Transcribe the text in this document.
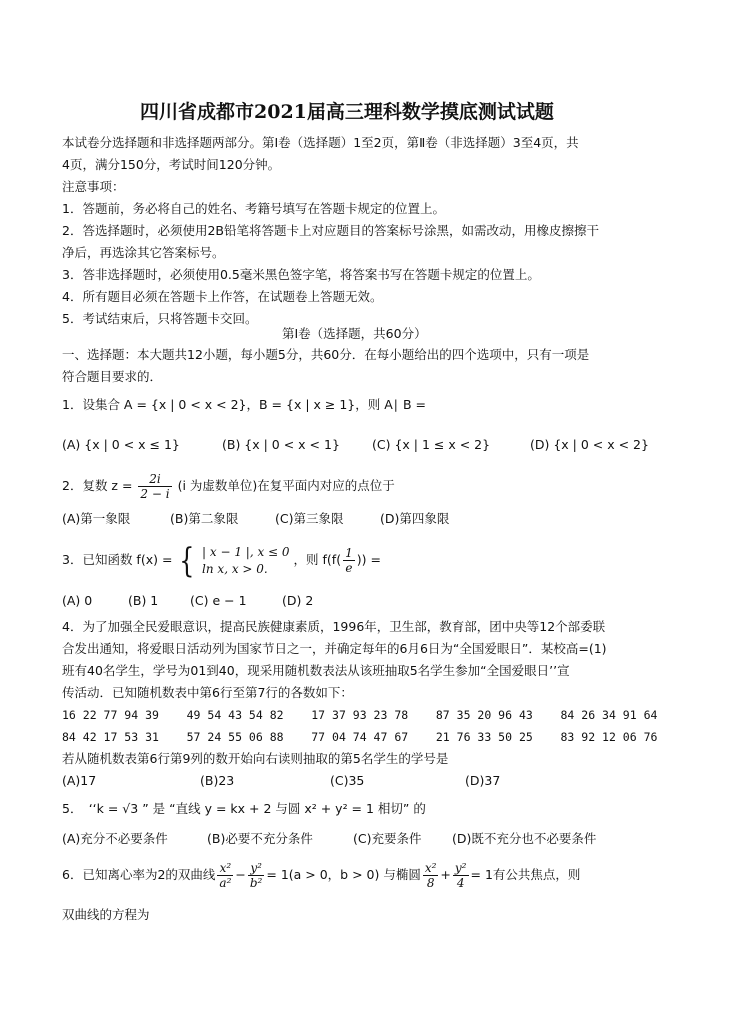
四川省成都市2021届高三理科数学摸底测试试题
本试卷分选择题和非选择题两部分。第Ⅰ卷（选择题）1至2页，第Ⅱ卷（非选择题）3至4页，共
4页，满分150分，考试时间120分钟。
注意事项：
1．答题前，务必将自己的姓名、考籍号填写在答题卡规定的位置上。
2．答选择题时，必须使用2B铅笔将答题卡上对应题目的答案标号涂黑，如需改动，用橡皮擦擦干
净后，再选涂其它答案标号。
3．答非选择题时，必须使用0.5毫米黑色签字笔，将答案书写在答题卡规定的位置上。
4．所有题目必须在答题卡上作答，在试题卷上答题无效。
5．考试结束后，只将答题卡交回。
第Ⅰ卷（选择题，共60分）
一、选择题：本大题共12小题，每小题5分，共60分．在每小题给出的四个选项中，只有一项是
符合题目要求的．
1．设集合 A = {x | 0 < x < 2}，B = {x | x ≥ 1}，则 A∣ B =
(A) {x | 0 < x ≤ 1}	(B) {x | 0 < x < 1}	(C) {x | 1 ≤ x < 2}	(D) {x | 0 < x < 2}
2．复数 $z = \frac{2i}{2 - i} (i$ 为虚数单位)在复平面内对应的点位于
(A)第一象限	(B)第二象限	(C)第三象限	(D)第四象限
3．已知函数 f(x) = { | x − 1 |, x ≤ 0
ln x, x > 0.
，则 $f(f( \frac{1}{e}$ )) =
(A) 0	(B) 1	(C) e − 1	(D) 2
4．为了加强全民爱眼意识，提高民族健康素质，1996年，卫生部，教育部，团中央等12个部委联
合发出通知，将爱眼日活动列为国家节日之一，并确定每年的6月6日为“全国爱眼日”．某校高=(1)
班有40名学生，学号为01到40，现采用随机数表法从该班抽取5名学生参加“全国爱眼日’’宣
传活动．已知随机数表中第6行至第7行的各数如下：
16 22 77 94 39    49 54 43 54 82    17 37 93 23 78    87 35 20 96 43    84 26 34 91 64
84 42 17 53 31    57 24 55 06 88    77 04 74 47 67    21 76 33 50 25    83 92 12 06 76
若从随机数表第6行第9列的数开始向右读则抽取的第5名学生的学号是
(A)17	(B)23	(C)35	(D)37
5．　‘‘k = √3 ” 是 “直线 y = kx + 2 与圆 x² + y² = 1 相切” 的
(A)充分不必要条件	(B)必要不充分条件	(C)充要条件 (D)既不充分也不必要条件
6．已知离心率为2的双曲线 $\frac{\text{x²}}{\text{a²}} - \frac{\text{y²}}{\text{b²}} = 1(a > 0$，b > 0) 与椭圆 $\frac{\text{x²}}{8} + \frac{\text{y²}}{4} = 1$有公共焦点，则
双曲线的方程为
